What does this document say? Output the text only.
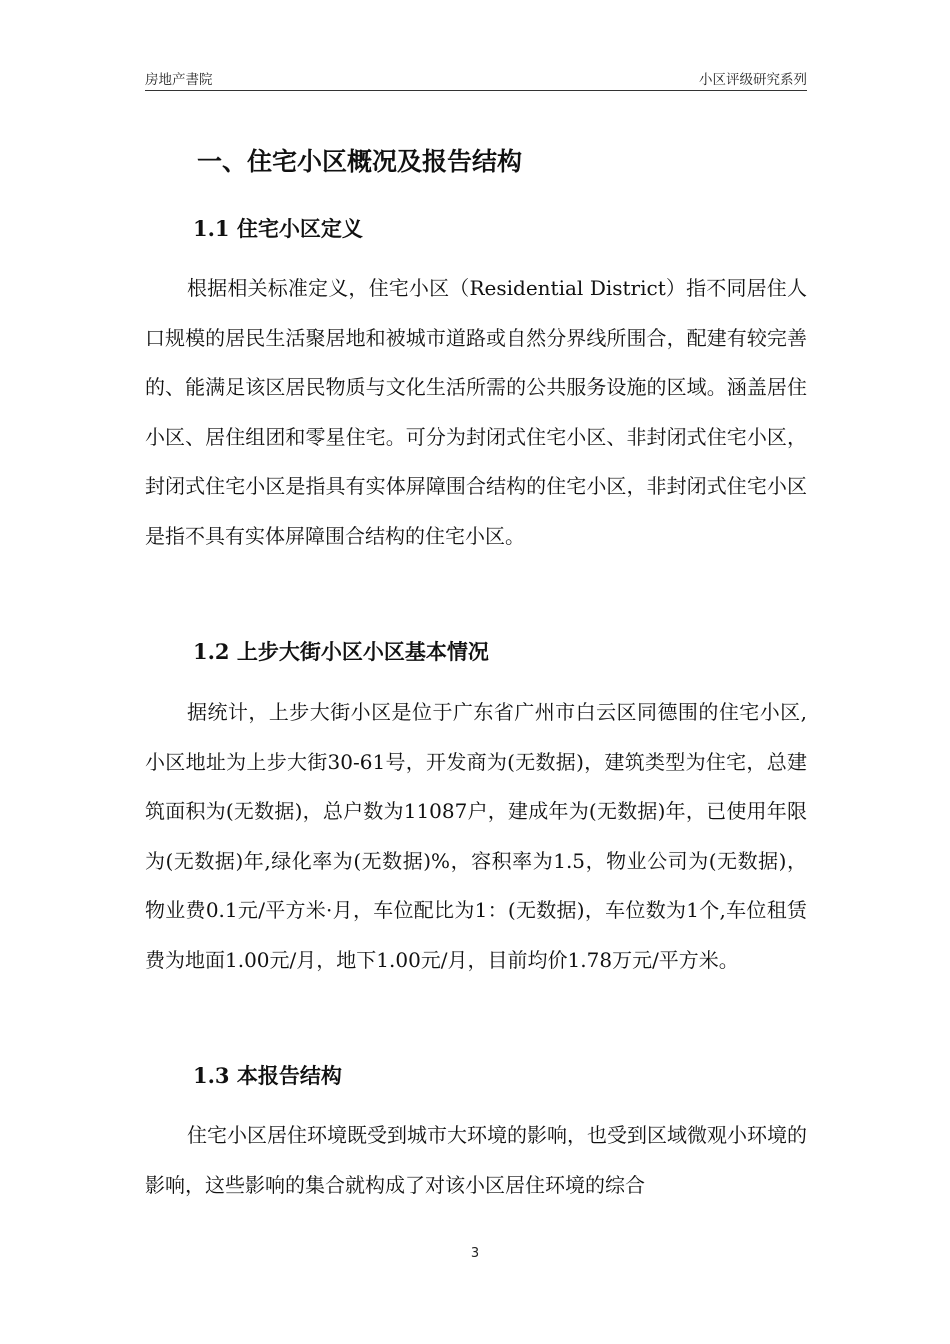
房地产書院	小区评级研究系列
一、住宅小区概况及报告结构
1.1 住宅小区定义

根据相关标准定义，住宅小区（Residential District）指不同居住人口规模的居民生活聚居地和被城市道路或自然分界线所围合，配建有较完善的、能满足该区居民物质与文化生活所需的公共服务设施的区域。涵盖居住小区、居住组团和零星住宅。可分为封闭式住宅小区、非封闭式住宅小区，封闭式住宅小区是指具有实体屏障围合结构的住宅小区，非封闭式住宅小区是指不具有实体屏障围合结构的住宅小区。

1.2 上步大街小区小区基本情况

据统计，上步大街小区是位于广东省广州市白云区同德围的住宅小区,小区地址为上步大街30-61号，开发商为(无数据)，建筑类型为住宅，总建筑面积为(无数据)，总户数为11087户，建成年为(无数据)年，已使用年限为(无数据)年,绿化率为(无数据)%，容积率为1.5，物业公司为(无数据)，物业费0.1元/平方米·月，车位配比为1：(无数据)，车位数为1个,车位租赁费为地面1.00元/月，地下1.00元/月，目前均价1.78万元/平方米。

1.3 本报告结构

住宅小区居住环境既受到城市大环境的影响，也受到区域微观小环境的影响，这些影响的集合就构成了对该小区居住环境的综合

3
